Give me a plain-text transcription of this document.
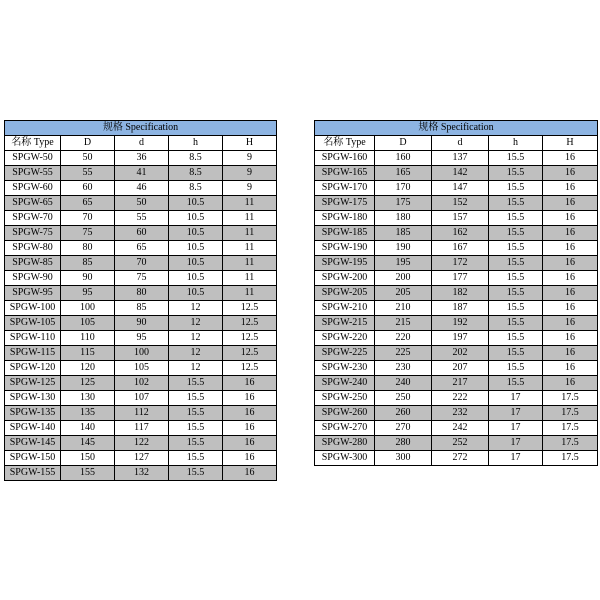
规格 Specification				
名称 Type	D	d	h	H
SPGW-50	50	36	8.5	9
SPGW-55	55	41	8.5	9
SPGW-60	60	46	8.5	9
SPGW-65	65	50	10.5	11
SPGW-70	70	55	10.5	11
SPGW-75	75	60	10.5	11
SPGW-80	80	65	10.5	11
SPGW-85	85	70	10.5	11
SPGW-90	90	75	10.5	11
SPGW-95	95	80	10.5	11
SPGW-100	100	85	12	12.5
SPGW-105	105	90	12	12.5
SPGW-110	110	95	12	12.5
SPGW-115	115	100	12	12.5
SPGW-120	120	105	12	12.5
SPGW-125	125	102	15.5	16
SPGW-130	130	107	15.5	16
SPGW-135	135	112	15.5	16
SPGW-140	140	117	15.5	16
SPGW-145	145	122	15.5	16
SPGW-150	150	127	15.5	16
SPGW-155	155	132	15.5	16
规格 Specification				
名称 Type	D	d	h	H
SPGW-160	160	137	15.5	16
SPGW-165	165	142	15.5	16
SPGW-170	170	147	15.5	16
SPGW-175	175	152	15.5	16
SPGW-180	180	157	15.5	16
SPGW-185	185	162	15.5	16
SPGW-190	190	167	15.5	16
SPGW-195	195	172	15.5	16
SPGW-200	200	177	15.5	16
SPGW-205	205	182	15.5	16
SPGW-210	210	187	15.5	16
SPGW-215	215	192	15.5	16
SPGW-220	220	197	15.5	16
SPGW-225	225	202	15.5	16
SPGW-230	230	207	15.5	16
SPGW-240	240	217	15.5	16
SPGW-250	250	222	17	17.5
SPGW-260	260	232	17	17.5
SPGW-270	270	242	17	17.5
SPGW-280	280	252	17	17.5
SPGW-300	300	272	17	17.5
